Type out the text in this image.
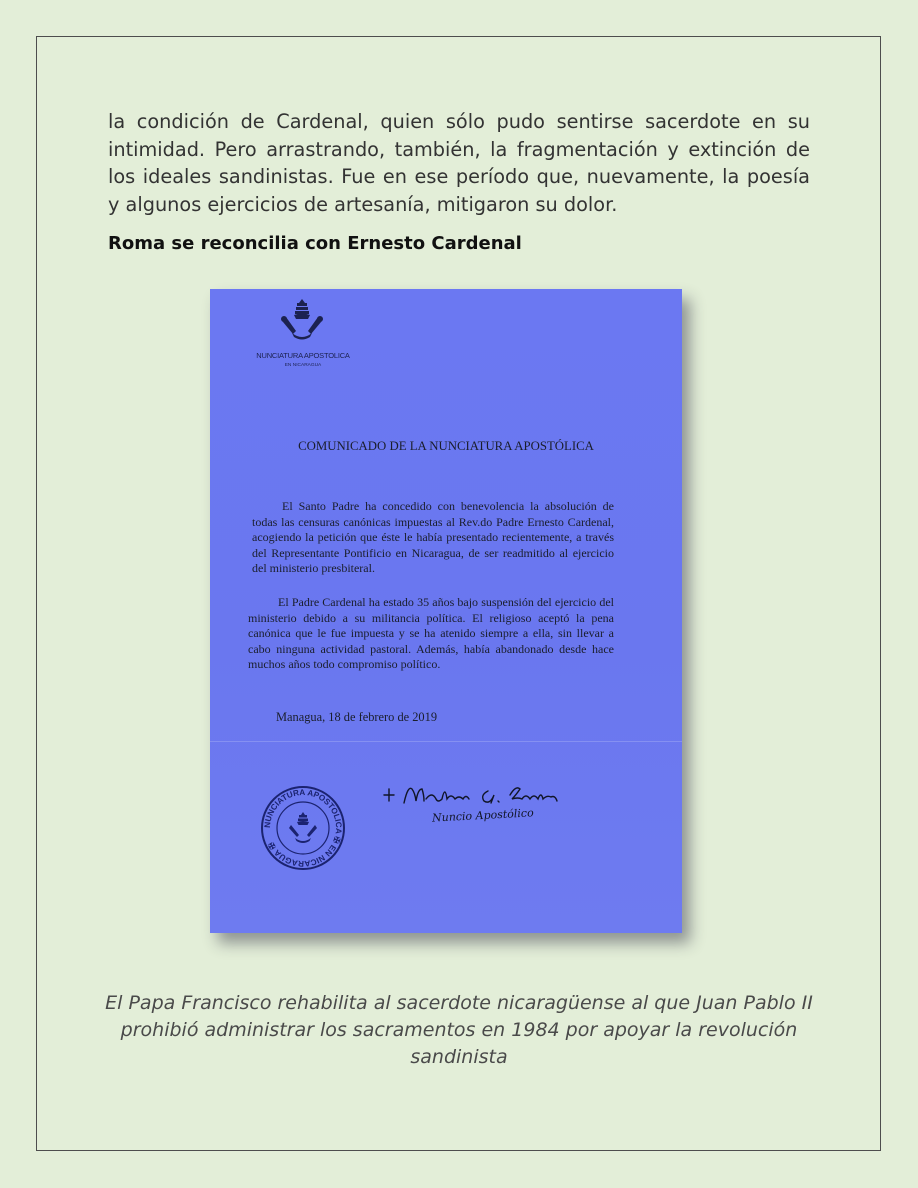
la condición de Cardenal, quien sólo pudo sentirse sacerdote en su intimidad. Pero arrastrando, también, la fragmentación y extinción de los ideales sandinistas. Fue en ese período que, nuevamente, la poesía y algunos ejercicios de artesanía, mitigaron su dolor.

Roma se reconcilia con Ernesto Cardenal
NUNCIATURA APOSTOLICA
EN NICARAGUA
COMUNICADO DE LA NUNCIATURA APOSTÓLICA

El Santo Padre ha concedido con benevolencia la absolución de todas las censuras canónicas impuestas al Rev.do Padre Ernesto Cardenal, acogiendo la petición que éste le había presentado recientemente, a través del Representante Pontificio en Nicaragua, de ser readmitido al ejercicio del ministerio presbiteral.

El Padre Cardenal ha estado 35 años bajo suspensión del ejercicio del ministerio debido a su militancia política. El religioso aceptó la pena canónica que le fue impuesta y se ha atenido siempre a ella, sin llevar a cabo ninguna actividad pastoral. Además, había abandonado desde hace muchos años todo compromiso político.

Managua, 18 de febrero de 2019
NUNCIATURA APOSTOLICA ✠ EN NICARAGUA ✠
Nuncio Apostólico

El Papa Francisco rehabilita al sacerdote nicaragüense al que Juan Pablo II prohibió administrar los sacramentos en 1984 por apoyar la revolución sandinista
